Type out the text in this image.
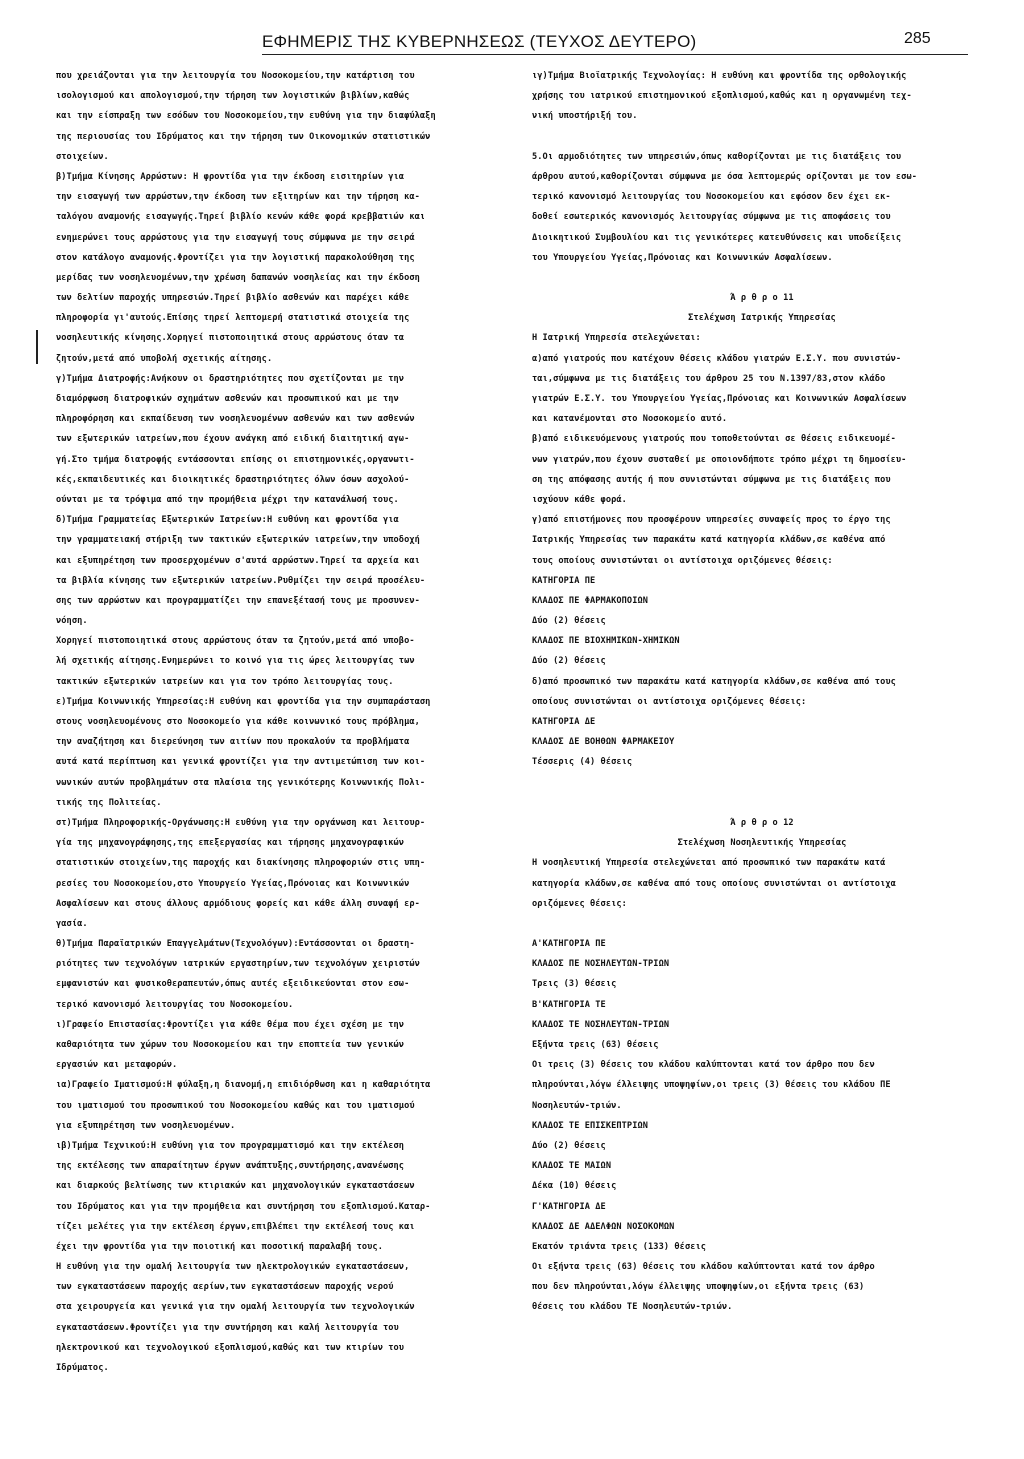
ΕΦΗΜΕΡΙΣ ΤΗΣ ΚΥΒΕΡΝΗΣΕΩΣ (ΤΕΥΧΟΣ ΔΕΥΤΕΡΟ)	285
που χρειάζονται για την λειτουργία του Νοσοκομείου,την κατάρτιση του
ισολογισμού και απολογισμού,την τήρηση των λογιστικών βιβλίων,καθώς
και την είσπραξη των εσόδων του Νοσοκομείου,την ευθύνη για την διαφύλαξη
της περιουσίας του Ιδρύματος και την τήρηση των Οικονομικών στατιστικών
στοιχείων.
β)Τμήμα Κίνησης Αρρώστων: Η φροντίδα για την έκδοση εισιτηρίων για
την εισαγωγή των αρρώστων,την έκδοση των εξιτηρίων και την τήρηση κα-
ταλόγου αναμονής εισαγωγής.Τηρεί βιβλίο κενών κάθε φορά κρεββατιών και
ενημερώνει τους αρρώστους για την εισαγωγή τους σύμφωνα με την σειρά
στον κατάλογο αναμονής.Φροντίζει για την λογιστική παρακολούθηση της
μερίδας των νοσηλευομένων,την χρέωση δαπανών νοσηλείας και την έκδοση
των δελτίων παροχής υπηρεσιών.Τηρεί βιβλίο ασθενών και παρέχει κάθε
πληροφορία γι'αυτούς.Επίσης τηρεί λεπτομερή στατιστικά στοιχεία της
νοσηλευτικής κίνησης.Χορηγεί πιστοποιητικά στους αρρώστους όταν τα
ζητούν,μετά από υποβολή σχετικής αίτησης.
γ)Τμήμα Διατροφής:Ανήκουν οι δραστηριότητες που σχετίζονται με την
διαμόρφωση διατροφικών σχημάτων ασθενών και προσωπικού και με την
πληροφόρηση και εκπαίδευση των νοσηλευομένων ασθενών και των ασθενών
των εξωτερικών ιατρείων,που έχουν ανάγκη από ειδική διαιτητική αγω-
γή.Στο τμήμα διατροφής εντάσσονται επίσης οι επιστημονικές,οργανωτι-
κές,εκπαιδευτικές και διοικητικές δραστηριότητες όλων όσων ασχολού-
ούνται με τα τρόφιμα από την προμήθεια μέχρι την κατανάλωσή τους.
δ)Τμήμα Γραμματείας Εξωτερικών Ιατρείων:Η ευθύνη και φροντίδα για
την γραμματειακή στήριξη των τακτικών εξωτερικών ιατρείων,την υποδοχή
και εξυπηρέτηση των προσερχομένων σ'αυτά αρρώστων.Τηρεί τα αρχεία και
τα βιβλία κίνησης των εξωτερικών ιατρείων.Ρυθμίζει την σειρά προσέλευ-
σης των αρρώστων και προγραμματίζει την επανεξέτασή τους με προσυνεν-
νόηση.
Χορηγεί πιστοποιητικά στους αρρώστους όταν τα ζητούν,μετά από υποβο-
λή σχετικής αίτησης.Ενημερώνει το κοινό για τις ώρες λειτουργίας των
τακτικών εξωτερικών ιατρείων και για τον τρόπο λειτουργίας τους.
ε)Τμήμα Κοινωνικής Υπηρεσίας:Η ευθύνη και φροντίδα για την συμπαράσταση
στους νοσηλευομένους στο Νοσοκομείο για κάθε κοινωνικό τους πρόβλημα,
την αναζήτηση και διερεύνηση των αιτίων που προκαλούν τα προβλήματα
αυτά κατά περίπτωση και γενικά φροντίζει για την αντιμετώπιση των κοι-
νωνικών αυτών προβλημάτων στα πλαίσια της γενικότερης Κοινωνικής Πολι-
τικής της Πολιτείας.
στ)Τμήμα Πληροφορικής-Οργάνωσης:Η ευθύνη για την οργάνωση και λειτουρ-
γία της μηχανογράφησης,της επεξεργασίας και τήρησης μηχανογραφικών
στατιστικών στοιχείων,της παροχής και διακίνησης πληροφοριών στις υπη-
ρεσίες του Νοσοκομείου,στο Υπουργείο Υγείας,Πρόνοιας και Κοινωνικών
Ασφαλίσεων και στους άλλους αρμόδιους φορείς και κάθε άλλη συναφή ερ-
γασία.
θ)Τμήμα Παραϊατρικών Επαγγελμάτων(Τεχνολόγων):Εντάσσονται οι δραστη-
ριότητες των τεχνολόγων ιατρικών εργαστηρίων,των τεχνολόγων χειριστών
εμφανιστών και φυσικοθεραπευτών,όπως αυτές εξειδικεύονται στον εσω-
τερικό κανονισμό λειτουργίας του Νοσοκομείου.
ι)Γραφείο Επιστασίας:Φροντίζει για κάθε θέμα που έχει σχέση με την
καθαριότητα των χώρων του Νοσοκομείου και την εποπτεία των γενικών
εργασιών και μεταφορών.
ια)Γραφείο Ιματισμού:Η φύλαξη,η διανομή,η επιδιόρθωση και η καθαριότητα
του ιματισμού του προσωπικού του Νοσοκομείου καθώς και του ιματισμού
για εξυπηρέτηση των νοσηλευομένων.
ιβ)Τμήμα Τεχνικού:Η ευθύνη για τον προγραμματισμό και την εκτέλεση
της εκτέλεσης των απαραίτητων έργων ανάπτυξης,συντήρησης,ανανέωσης
και διαρκούς βελτίωσης των κτιριακών και μηχανολογικών εγκαταστάσεων
του Ιδρύματος και για την προμήθεια και συντήρηση του εξοπλισμού.Καταρ-
τίζει μελέτες για την εκτέλεση έργων,επιβλέπει την εκτέλεσή τους και
έχει την φροντίδα για την ποιοτική και ποσοτική παραλαβή τους.
Η ευθύνη για την ομαλή λειτουργία των ηλεκτρολογικών εγκαταστάσεων,
των εγκαταστάσεων παροχής αερίων,των εγκαταστάσεων παροχής νερού
στα χειρουργεία και γενικά για την ομαλή λειτουργία των τεχνολογικών
εγκαταστάσεων.Φροντίζει για την συντήρηση και καλή λειτουργία του
ηλεκτρονικού και τεχνολογικού εξοπλισμού,καθώς και των κτιρίων του
Ιδρύματος.
ιγ)Τμήμα Βιοϊατρικής Τεχνολογίας: Η ευθύνη και φροντίδα της ορθολογικής
χρήσης του ιατρικού επιστημονικού εξοπλισμού,καθώς και η οργανωμένη τεχ-
νική υποστήριξή του.
5.Οι αρμοδιότητες των υπηρεσιών,όπως καθορίζονται με τις διατάξεις του
άρθρου αυτού,καθορίζονται σύμφωνα με όσα λεπτομερώς ορίζονται με τον εσω-
τερικό κανονισμό λειτουργίας του Νοσοκομείου και εφόσον δεν έχει εκ-
δοθεί εσωτερικός κανονισμός λειτουργίας σύμφωνα με τις αποφάσεις του
Διοικητικού Συμβουλίου και τις γενικότερες κατευθύνσεις και υποδείξεις
του Υπουργείου Υγείας,Πρόνοιας και Κοινωνικών Ασφαλίσεων.
Ά ρ θ ρ ο 11
Στελέχωση Ιατρικής Υπηρεσίας
Η Ιατρική Υπηρεσία στελεχώνεται:
α)από γιατρούς που κατέχουν θέσεις κλάδου γιατρών Ε.Σ.Υ. που συνιστών-
ται,σύμφωνα με τις διατάξεις του άρθρου 25 του Ν.1397/83,στον κλάδο
γιατρών Ε.Σ.Υ. του Υπουργείου Υγείας,Πρόνοιας και Κοινωνικών Ασφαλίσεων
και κατανέμονται στο Νοσοκομείο αυτό.
β)από ειδικευόμενους γιατρούς που τοποθετούνται σε θέσεις ειδικευομέ-
νων γιατρών,που έχουν συσταθεί με οποιονδήποτε τρόπο μέχρι τη δημοσίευ-
ση της απόφασης αυτής ή που συνιστώνται σύμφωνα με τις διατάξεις που
ισχύουν κάθε φορά.
γ)από επιστήμονες που προσφέρουν υπηρεσίες συναφείς προς το έργο της
Ιατρικής Υπηρεσίας των παρακάτω κατά κατηγορία κλάδων,σε καθένα από
τους οποίους συνιστώνται οι αντίστοιχα οριζόμενες θέσεις:
ΚΑΤΗΓΟΡΙΑ ΠΕ
ΚΛΑΔΟΣ ΠΕ ΦΑΡΜΑΚΟΠΟΙΩΝ
Δύο (2) θέσεις
ΚΛΑΔΟΣ ΠΕ ΒΙΟΧΗΜΙΚΩΝ-ΧΗΜΙΚΩΝ
Δύο (2) θέσεις
δ)από προσωπικό των παρακάτω κατά κατηγορία κλάδων,σε καθένα από τους
οποίους συνιστώνται οι αντίστοιχα οριζόμενες θέσεις:
ΚΑΤΗΓΟΡΙΑ ΔΕ
ΚΛΑΔΟΣ ΔΕ ΒΟΗΘΩΝ ΦΑΡΜΑΚΕΙΟΥ
Τέσσερις (4) θέσεις
Ά ρ θ ρ ο 12
Στελέχωση Νοσηλευτικής Υπηρεσίας
Η νοσηλευτική Υπηρεσία στελεχώνεται από προσωπικό των παρακάτω κατά
κατηγορία κλάδων,σε καθένα από τους οποίους συνιστώνται οι αντίστοιχα
οριζόμενες θέσεις:
Α'ΚΑΤΗΓΟΡΙΑ ΠΕ
ΚΛΑΔΟΣ ΠΕ ΝΟΣΗΛΕΥΤΩΝ-ΤΡΙΩΝ
Τρεις (3) θέσεις
Β'ΚΑΤΗΓΟΡΙΑ ΤΕ
ΚΛΑΔΟΣ ΤΕ ΝΟΣΗΛΕΥΤΩΝ-ΤΡΙΩΝ
Εξήντα τρεις (63) θέσεις
Οι τρεις (3) θέσεις του κλάδου καλύπτονται κατά τον άρθρο που δεν
πληρούνται,λόγω έλλειψης υποψηφίων,οι τρεις (3) θέσεις του κλάδου ΠΕ
Νοσηλευτών-τριών.
ΚΛΑΔΟΣ ΤΕ ΕΠΙΣΚΕΠΤΡΙΩΝ
Δύο (2) θέσεις
ΚΛΑΔΟΣ ΤΕ ΜΑΙΩΝ
Δέκα (10) θέσεις
Γ'ΚΑΤΗΓΟΡΙΑ ΔΕ
ΚΛΑΔΟΣ ΔΕ ΑΔΕΛΦΩΝ ΝΟΣΟΚΟΜΩΝ
Εκατόν τριάντα τρεις (133) θέσεις
Οι εξήντα τρεις (63) θέσεις του κλάδου καλύπτονται κατά τον άρθρο
που δεν πληρούνται,λόγω έλλειψης υποψηφίων,οι εξήντα τρεις (63)
θέσεις του κλάδου ΤΕ Νοσηλευτών-τριών.
